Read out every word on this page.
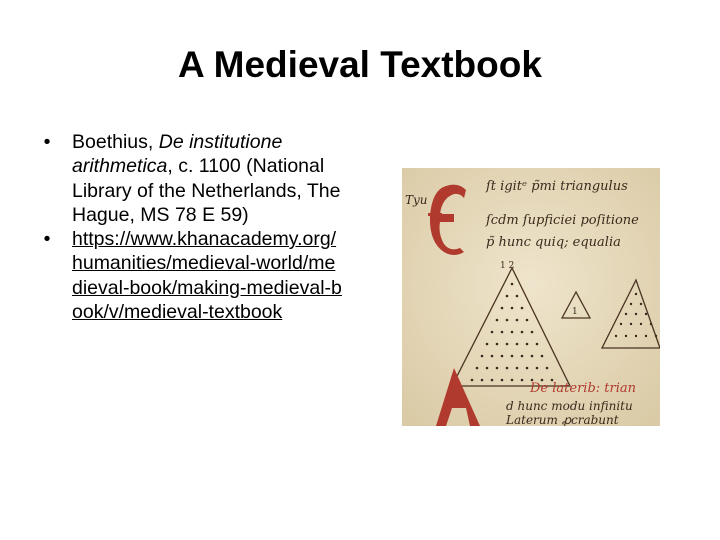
A Medieval Textbook
• Boethius, De institutione arithmetica, c. 1100 (National Library of the Netherlands, The Hague, MS 78 E 59)
• https://www.khanacademy.org/humanities/medieval-world/medieval-book/making-medieval-book/v/medieval-textbook
Tyu
ſt igitᵉ p̃mi triangulus
ſcdm ſupficiei poſitione
p̃ hunc quiq; equalia
1 2
1
De laterib: trian
d hunc modu infinitu
Laterum ꝓcrabunt
